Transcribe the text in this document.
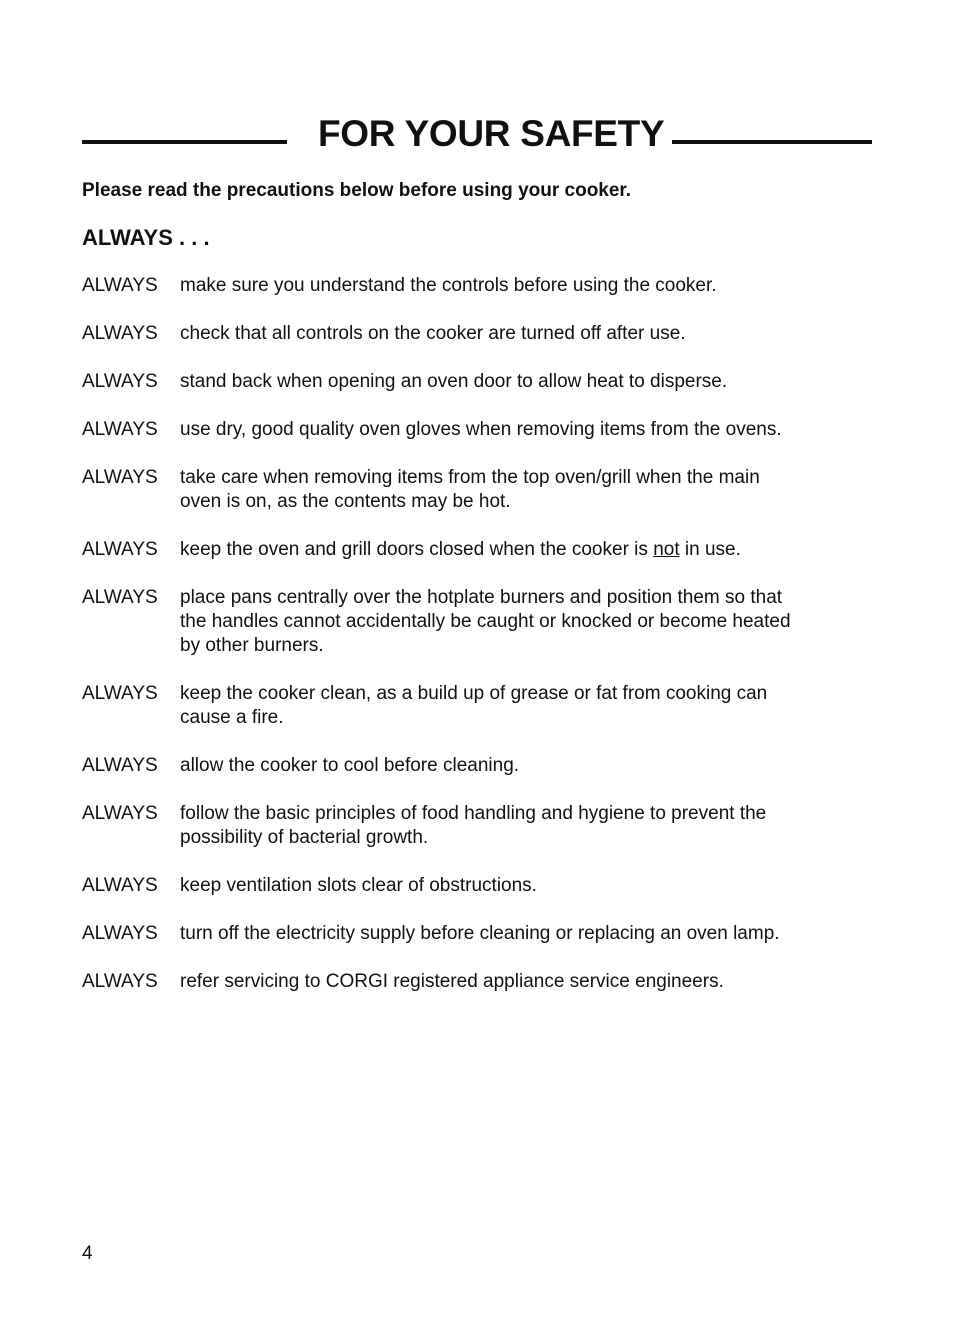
FOR YOUR SAFETY
Please read the precautions below before using your cooker.
ALWAYS . . .
ALWAYS	make sure you understand the controls before using the cooker.
ALWAYS	check that all controls on the cooker are turned off after use.
ALWAYS	stand back when opening an oven door to allow heat to disperse.
ALWAYS	use dry, good quality oven gloves when removing items from the ovens.
ALWAYS	take care when removing items from the top oven/grill when the main
oven is on, as the contents may be hot.
ALWAYS	keep the oven and grill doors closed when the cooker is not in use.
ALWAYS	place pans centrally over the hotplate burners and position them so that
the handles cannot accidentally be caught or knocked or become heated
by other burners.
ALWAYS	keep the cooker clean, as a build up of grease or fat from cooking can
cause a fire.
ALWAYS	allow the cooker to cool before cleaning.
ALWAYS	follow the basic principles of food handling and hygiene to prevent the
possibility of bacterial growth.
ALWAYS	keep ventilation slots clear of obstructions.
ALWAYS	turn off the electricity supply before cleaning or replacing an oven lamp.
ALWAYS	refer servicing to CORGI registered appliance service engineers.
4
